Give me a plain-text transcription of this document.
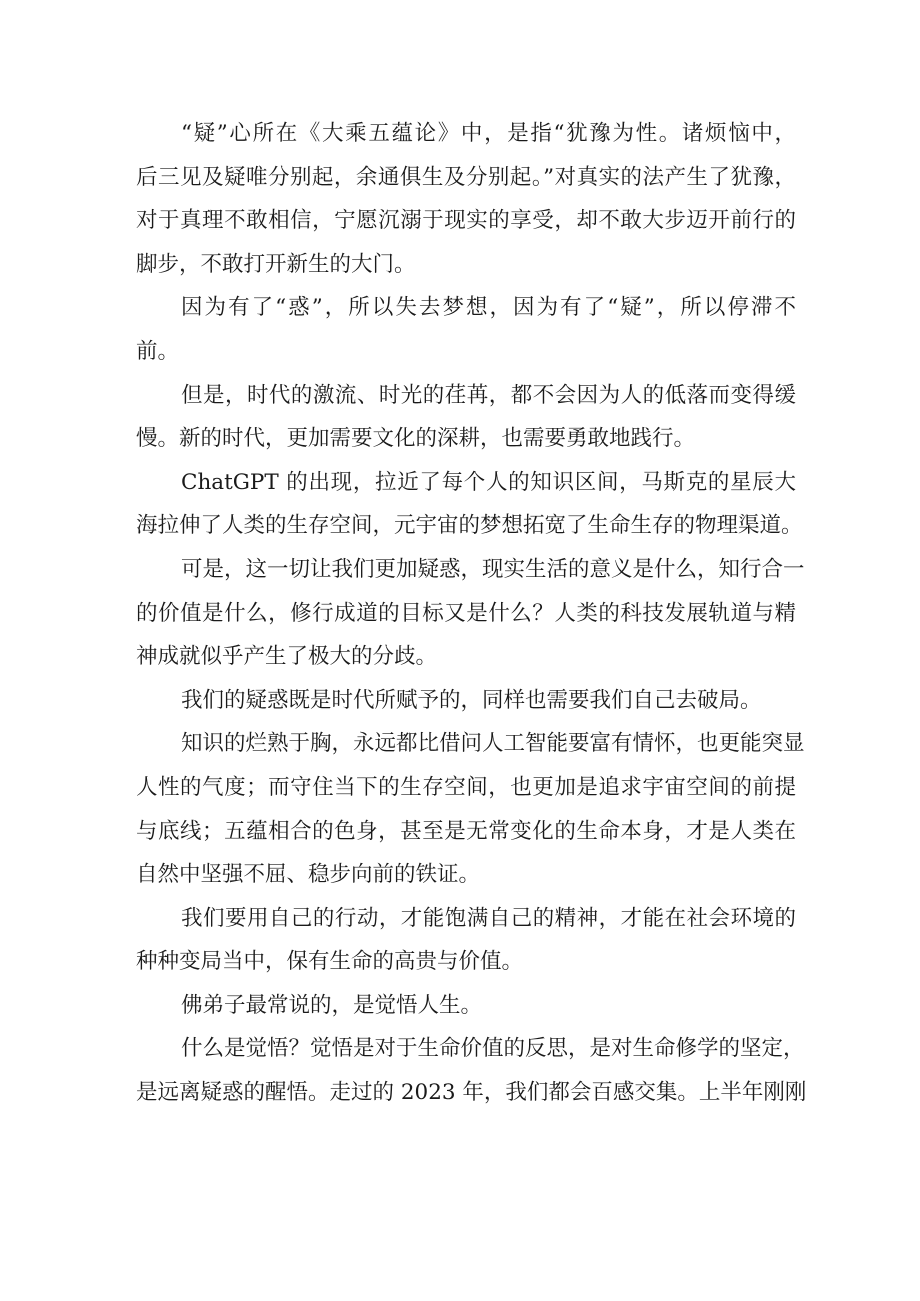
“疑”心所在《大乘五蕴论》中，是指“犹豫为性。诸烦恼中，
后三见及疑唯分别起，余通俱生及分别起。”对真实的法产生了犹豫，
对于真理不敢相信，宁愿沉溺于现实的享受，却不敢大步迈开前行的
脚步，不敢打开新生的大门。
因为有了“惑”，所以失去梦想，因为有了“疑”，所以停滞不
前。
但是，时代的激流、时光的荏苒，都不会因为人的低落而变得缓
慢。新的时代，更加需要文化的深耕，也需要勇敢地践行。
ChatGPT 的出现，拉近了每个人的知识区间，马斯克的星辰大
海拉伸了人类的生存空间，元宇宙的梦想拓宽了生命生存的物理渠道。
可是，这一切让我们更加疑惑，现实生活的意义是什么，知行合一
的价值是什么，修行成道的目标又是什么？人类的科技发展轨道与精
神成就似乎产生了极大的分歧。
我们的疑惑既是时代所赋予的，同样也需要我们自己去破局。
知识的烂熟于胸，永远都比借问人工智能要富有情怀，也更能突显
人性的气度；而守住当下的生存空间，也更加是追求宇宙空间的前提
与底线；五蕴相合的色身，甚至是无常变化的生命本身，才是人类在
自然中坚强不屈、稳步向前的铁证。
我们要用自己的行动，才能饱满自己的精神，才能在社会环境的
种种变局当中，保有生命的高贵与价值。
佛弟子最常说的，是觉悟人生。
什么是觉悟？觉悟是对于生命价值的反思，是对生命修学的坚定，
是远离疑惑的醒悟。走过的 2023 年，我们都会百感交集。上半年刚刚
